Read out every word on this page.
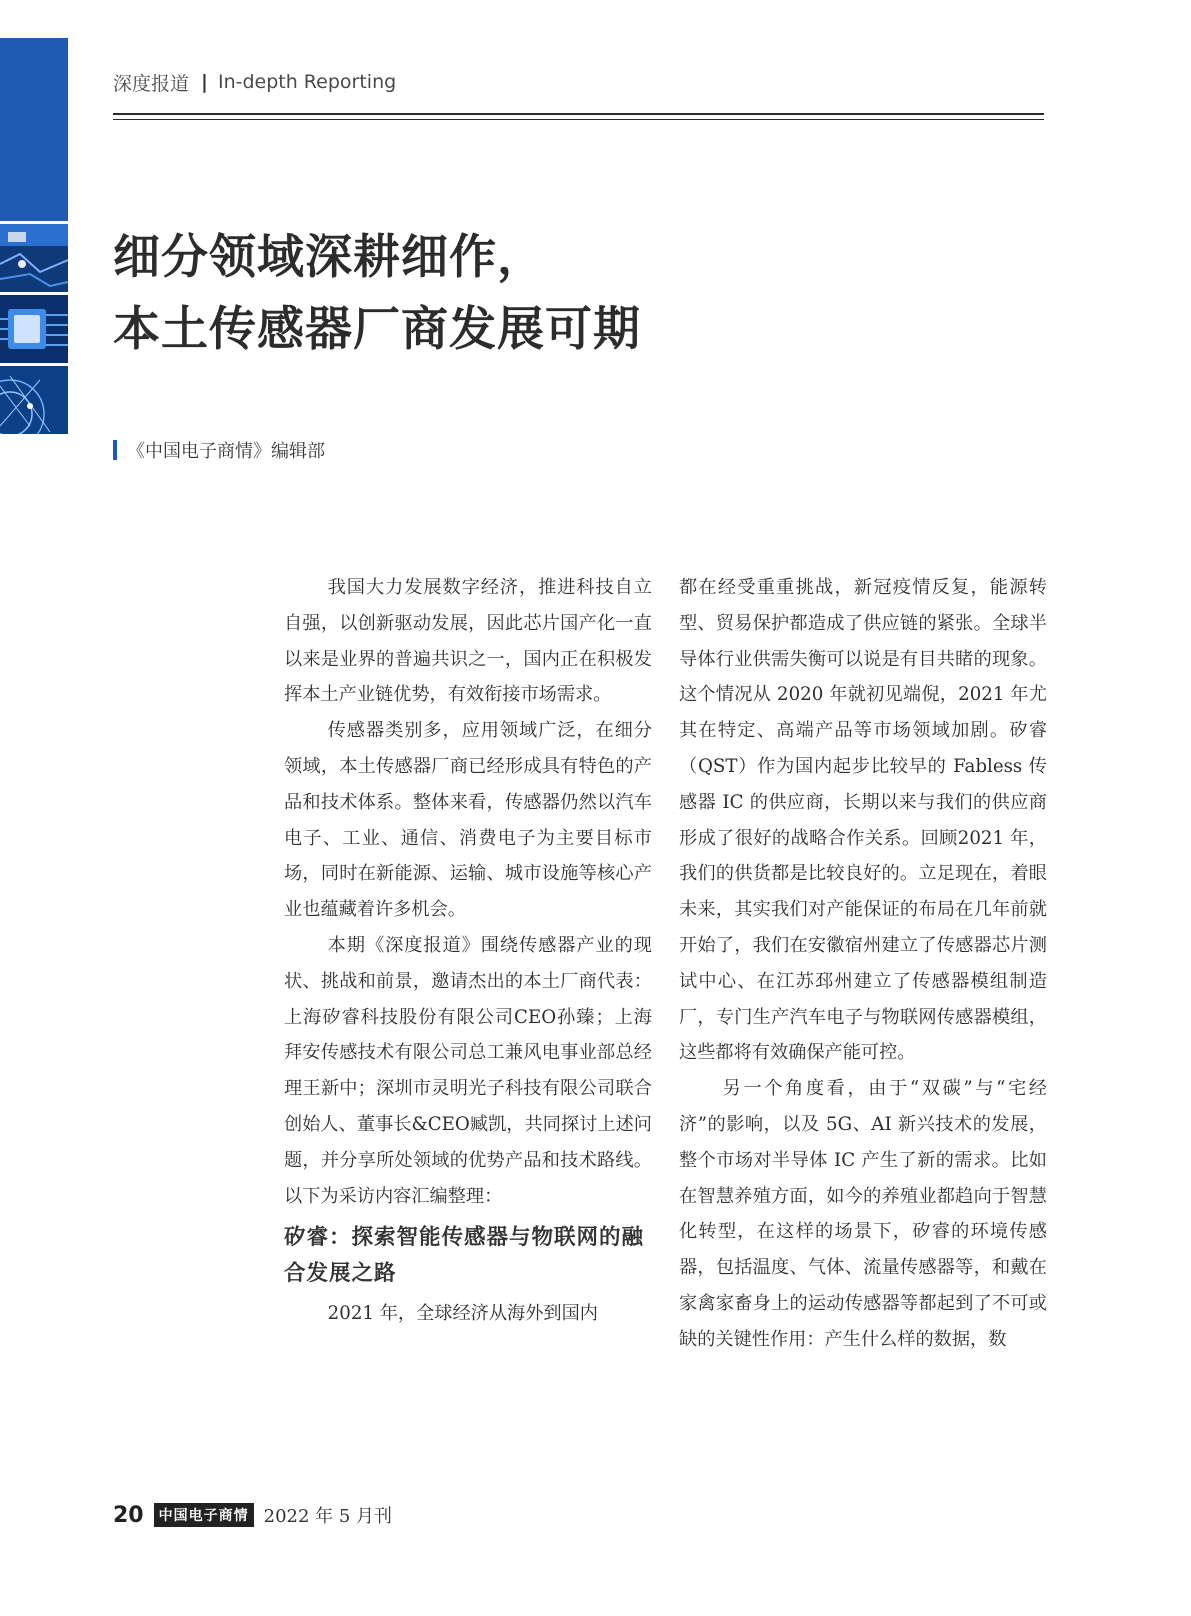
深度报道 | In-depth Reporting
细分领域深耕细作，
本土传感器厂商发展可期
《中国电子商情》编辑部

我国大力发展数字经济，推进科技自立自强，以创新驱动发展，因此芯片国产化一直以来是业界的普遍共识之一，国内正在积极发挥本土产业链优势，有效衔接市场需求。

传感器类别多，应用领域广泛，在细分领域，本土传感器厂商已经形成具有特色的产品和技术体系。整体来看，传感器仍然以汽车电子、工业、通信、消费电子为主要目标市场，同时在新能源、运输、城市设施等核心产业也蕴藏着许多机会。

本期《深度报道》围绕传感器产业的现状、挑战和前景，邀请杰出的本土厂商代表：上海矽睿科技股份有限公司CEO孙臻；上海拜安传感技术有限公司总工兼风电事业部总经理王新中；深圳市灵明光子科技有限公司联合创始人、董事长&CEO臧凯，共同探讨上述问题，并分享所处领域的优势产品和技术路线。以下为采访内容汇编整理：

矽睿：探索智能传感器与物联网的融合发展之路

2021 年，全球经济从海外到国内

都在经受重重挑战，新冠疫情反复，能源转型、贸易保护都造成了供应链的紧张。全球半导体行业供需失衡可以说是有目共睹的现象。这个情况从 2020 年就初见端倪，2021 年尤其在特定、高端产品等市场领域加剧。矽睿（QST）作为国内起步比较早的 Fabless 传感器 IC 的供应商，长期以来与我们的供应商形成了很好的战略合作关系。回顾2021 年，我们的供货都是比较良好的。立足现在，着眼未来，其实我们对产能保证的布局在几年前就开始了，我们在安徽宿州建立了传感器芯片测试中心、在江苏邳州建立了传感器模组制造厂，专门生产汽车电子与物联网传感器模组，这些都将有效确保产能可控。

另一个角度看，由于“双碳”与“宅经济”的影响，以及 5G、AI 新兴技术的发展，整个市场对半导体 IC 产生了新的需求。比如在智慧养殖方面，如今的养殖业都趋向于智慧化转型，在这样的场景下，矽睿的环境传感器，包括温度、气体、流量传感器等，和戴在家禽家畜身上的运动传感器等都起到了不可或缺的关键性作用：产生什么样的数据，数

20	中国电子商情 2022 年 5 月刊
